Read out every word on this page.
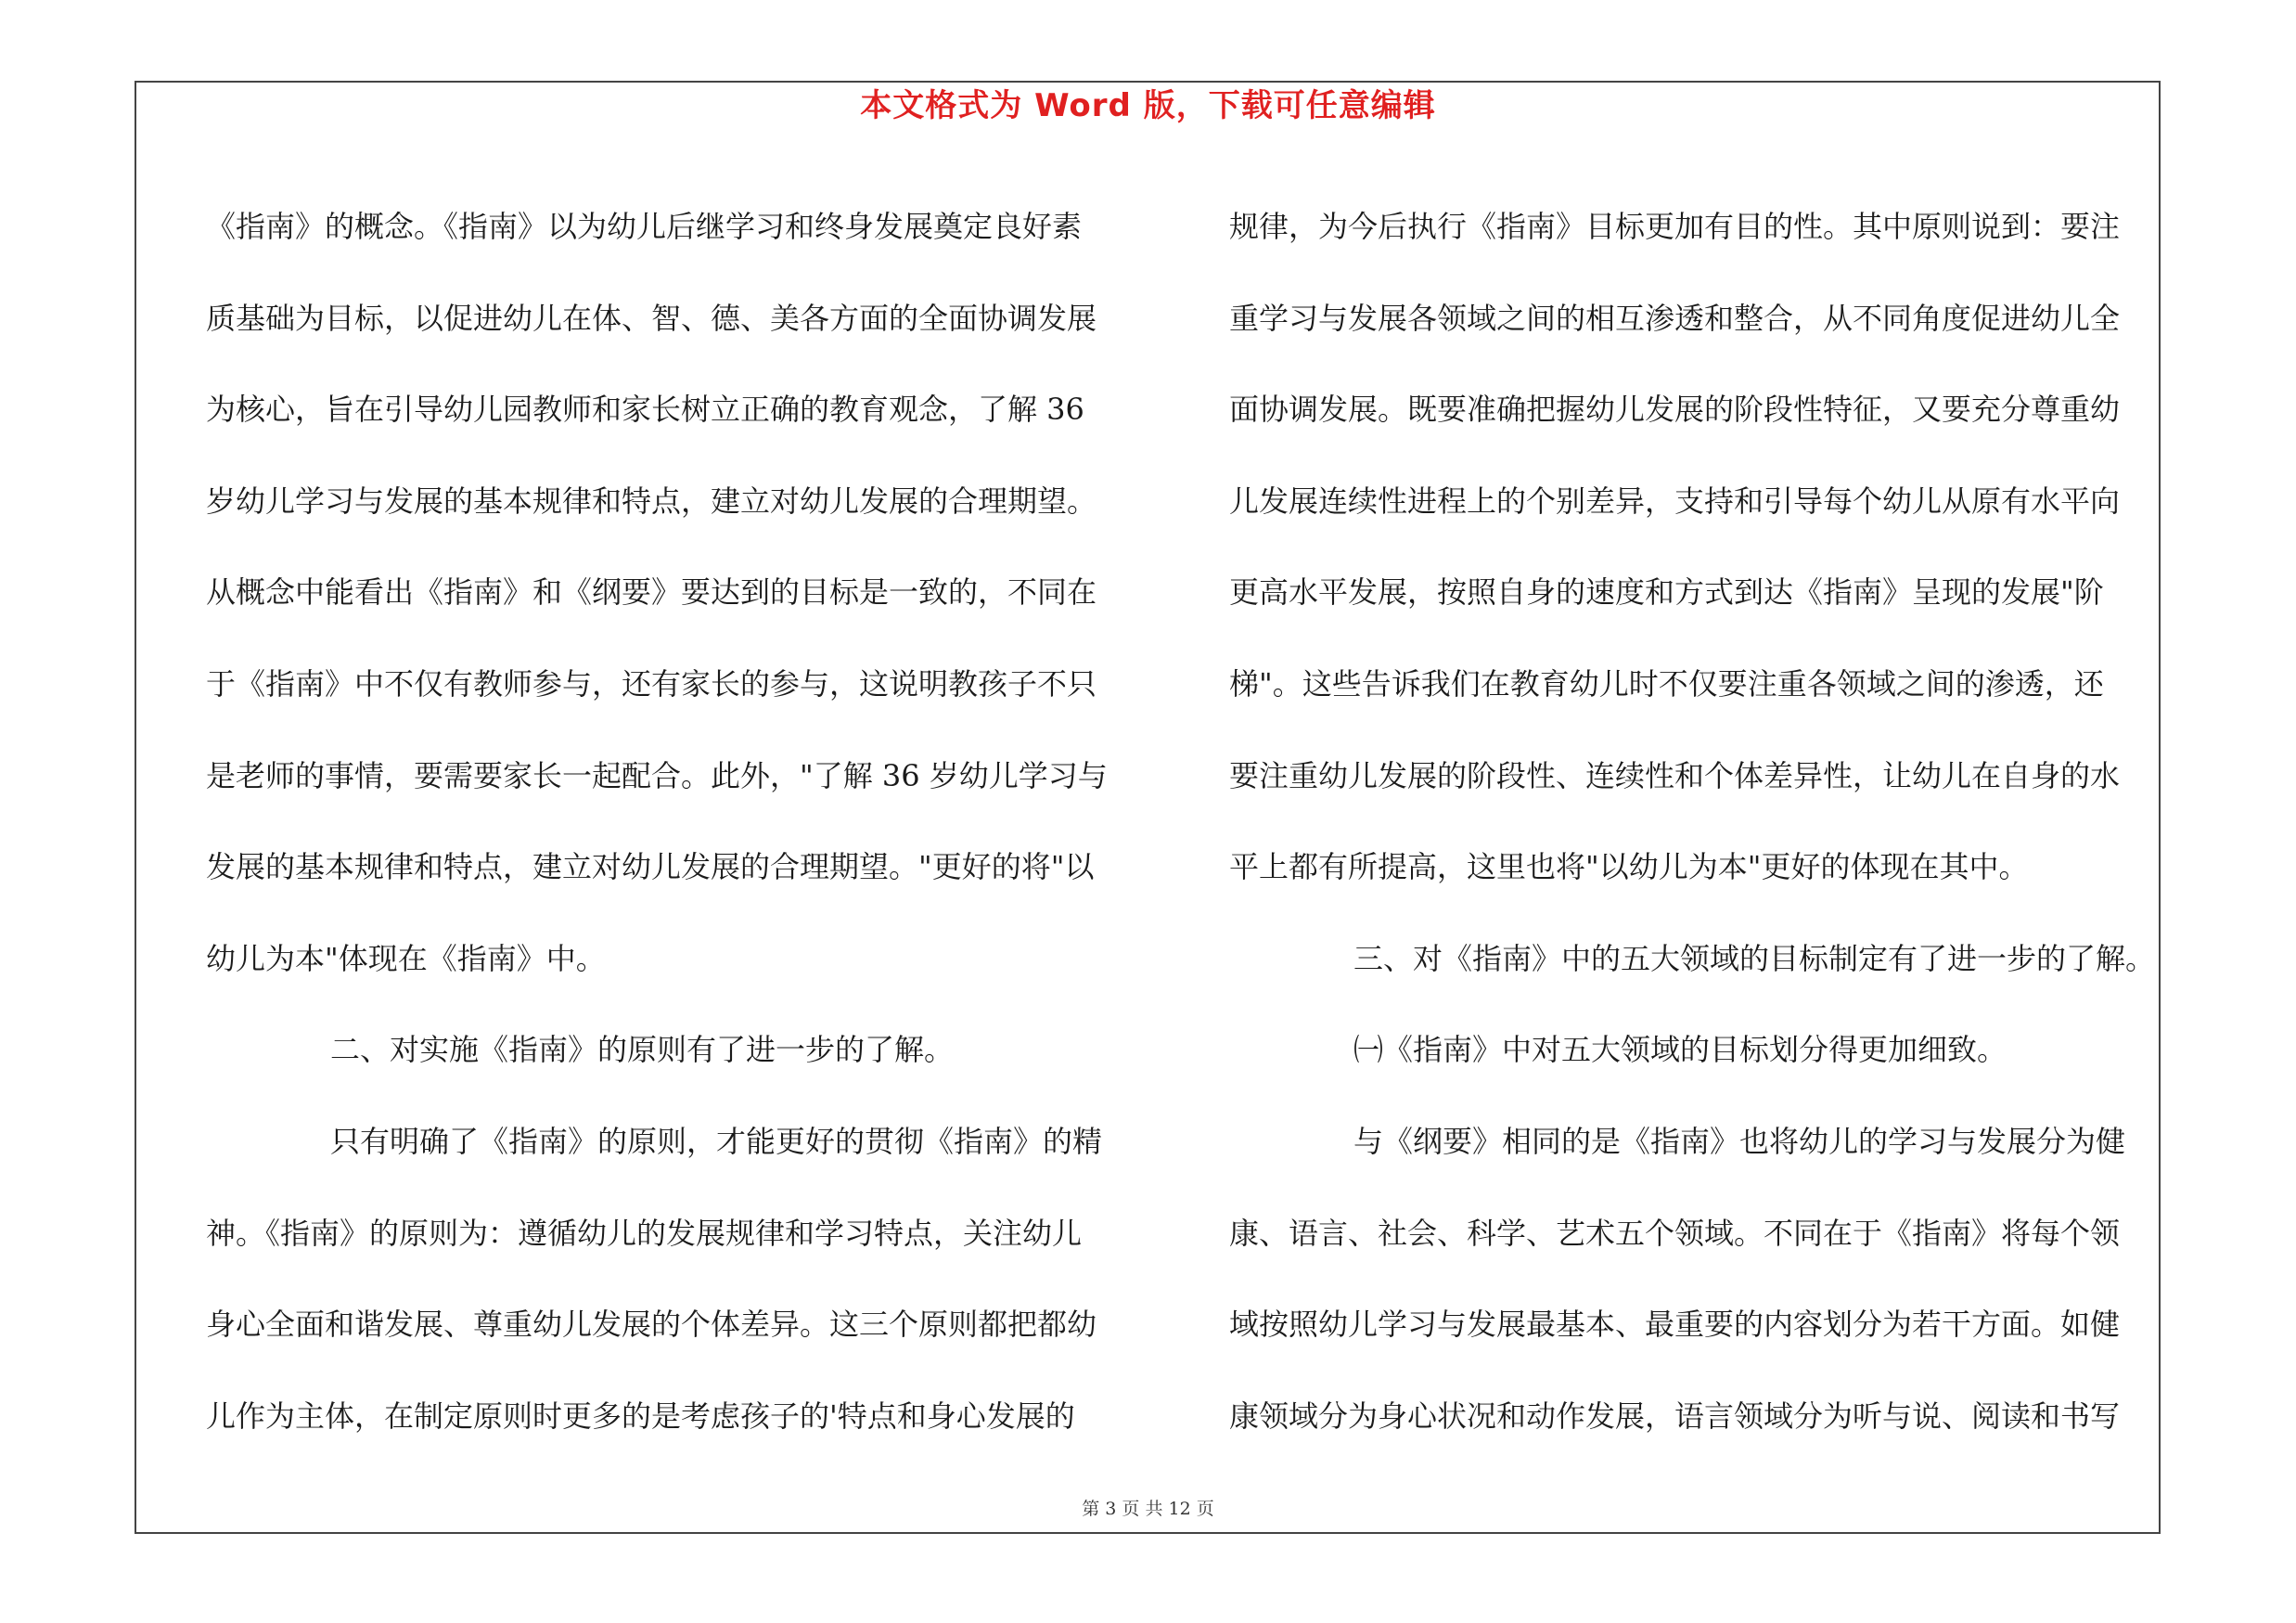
本文格式为 Word 版，下载可任意编辑
《指南》的概念。《指南》以为幼儿后继学习和终身发展奠定良好素
质基础为目标，以促进幼儿在体、智、德、美各方面的全面协调发展
为核心，旨在引导幼儿园教师和家长树立正确的教育观念，了解 36
岁幼儿学习与发展的基本规律和特点，建立对幼儿发展的合理期望。
从概念中能看出《指南》和《纲要》要达到的目标是一致的，不同在
于《指南》中不仅有教师参与，还有家长的参与，这说明教孩子不只
是老师的事情，要需要家长一起配合。此外，"了解 36 岁幼儿学习与
发展的基本规律和特点，建立对幼儿发展的合理期望。"更好的将"以
幼儿为本"体现在《指南》中。
二、对实施《指南》的原则有了进一步的了解。
只有明确了《指南》的原则，才能更好的贯彻《指南》的精
神。《指南》的原则为：遵循幼儿的发展规律和学习特点，关注幼儿
身心全面和谐发展、尊重幼儿发展的个体差异。这三个原则都把都幼
儿作为主体，在制定原则时更多的是考虑孩子的'特点和身心发展的
规律，为今后执行《指南》目标更加有目的性。其中原则说到：要注
重学习与发展各领域之间的相互渗透和整合，从不同角度促进幼儿全
面协调发展。既要准确把握幼儿发展的阶段性特征，又要充分尊重幼
儿发展连续性进程上的个别差异，支持和引导每个幼儿从原有水平向
更高水平发展，按照自身的速度和方式到达《指南》呈现的发展"阶
梯"。这些告诉我们在教育幼儿时不仅要注重各领域之间的渗透，还
要注重幼儿发展的阶段性、连续性和个体差异性，让幼儿在自身的水
平上都有所提高，这里也将"以幼儿为本"更好的体现在其中。
三、对《指南》中的五大领域的目标制定有了进一步的了解。
㈠《指南》中对五大领域的目标划分得更加细致。
与《纲要》相同的是《指南》也将幼儿的学习与发展分为健
康、语言、社会、科学、艺术五个领域。不同在于《指南》将每个领
域按照幼儿学习与发展最基本、最重要的内容划分为若干方面。如健
康领域分为身心状况和动作发展，语言领域分为听与说、阅读和书写
第 3 页 共 12 页
